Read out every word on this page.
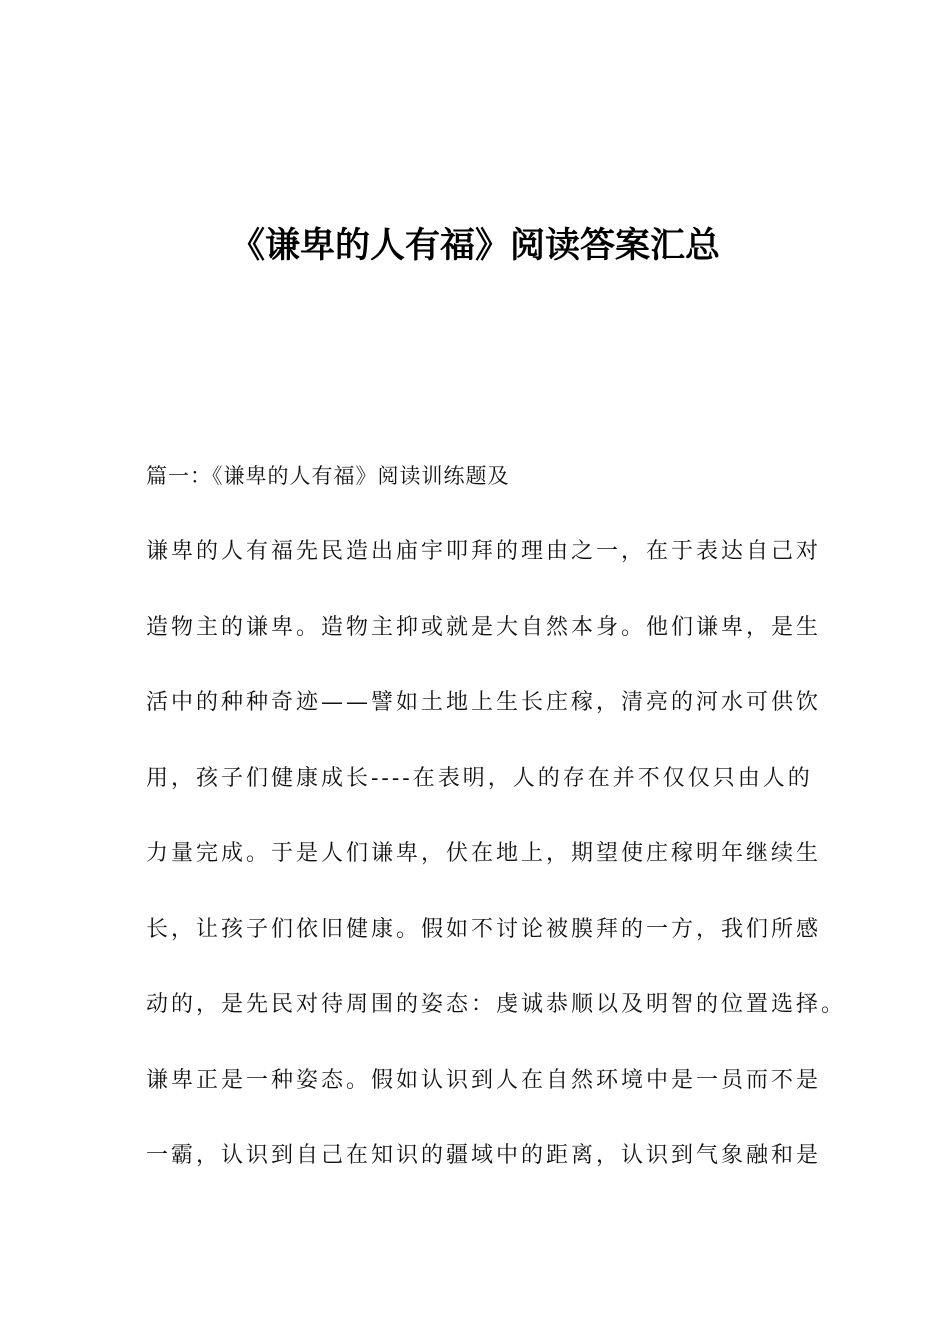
《谦卑的人有福》阅读答案汇总

篇一：《谦卑的人有福》阅读训练题及

谦卑的人有福先民造出庙宇叩拜的理由之一，在于表达自己对
造物主的谦卑。造物主抑或就是大自然本身。他们谦卑，是生
活中的种种奇迹——譬如土地上生长庄稼，清亮的河水可供饮
用，孩子们健康成长----在表明，人的存在并不仅仅只由人的
力量完成。于是人们谦卑，伏在地上，期望使庄稼明年继续生
长，让孩子们依旧健康。假如不讨论被膜拜的一方，我们所感
动的，是先民对待周围的姿态：虔诚恭顺以及明智的位置选择。
谦卑正是一种姿态。假如认识到人在自然环境中是一员而不是
一霸，认识到自己在知识的疆域中的距离，认识到气象融和是
